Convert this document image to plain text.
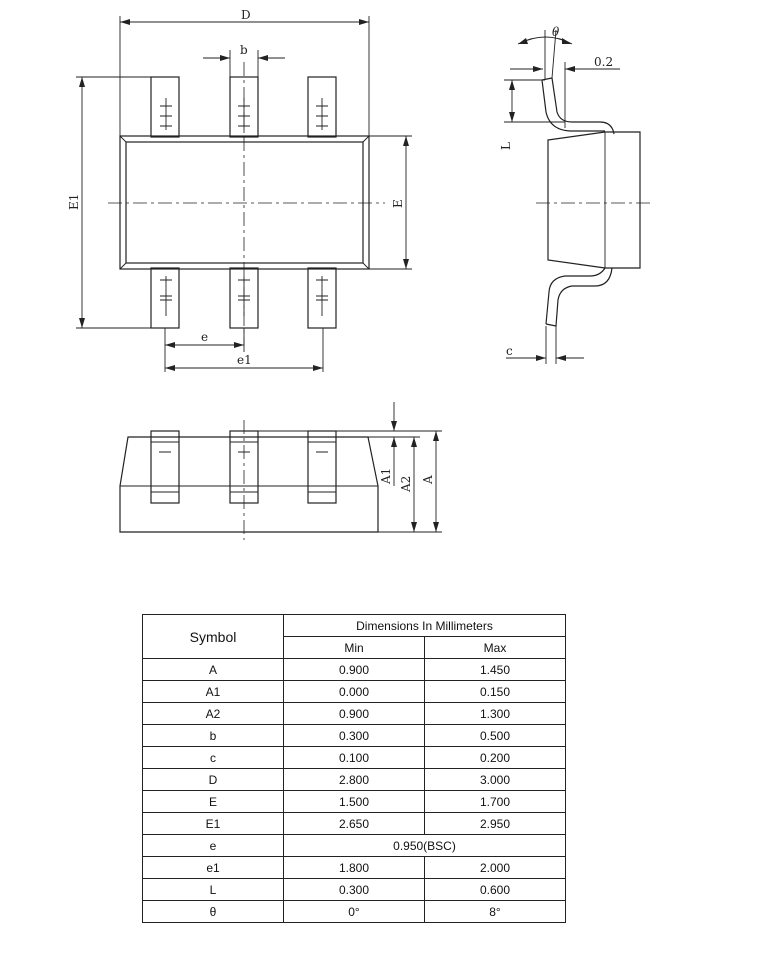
D
b
E1	E
e
e1
θ
0.2
L
c
A1 A2 A
Symbol	Dimensions In Millimeters	
	Min	Max
A	0.900	1.450
A1	0.000	0.150
A2	0.900	1.300
b	0.300	0.500
c	0.100	0.200
D	2.800	3.000
E	1.500	1.700
E1	2.650	2.950
e	0.950(BSC)	
e1	1.800	2.000
L	0.300	0.600
θ	0°	8°
